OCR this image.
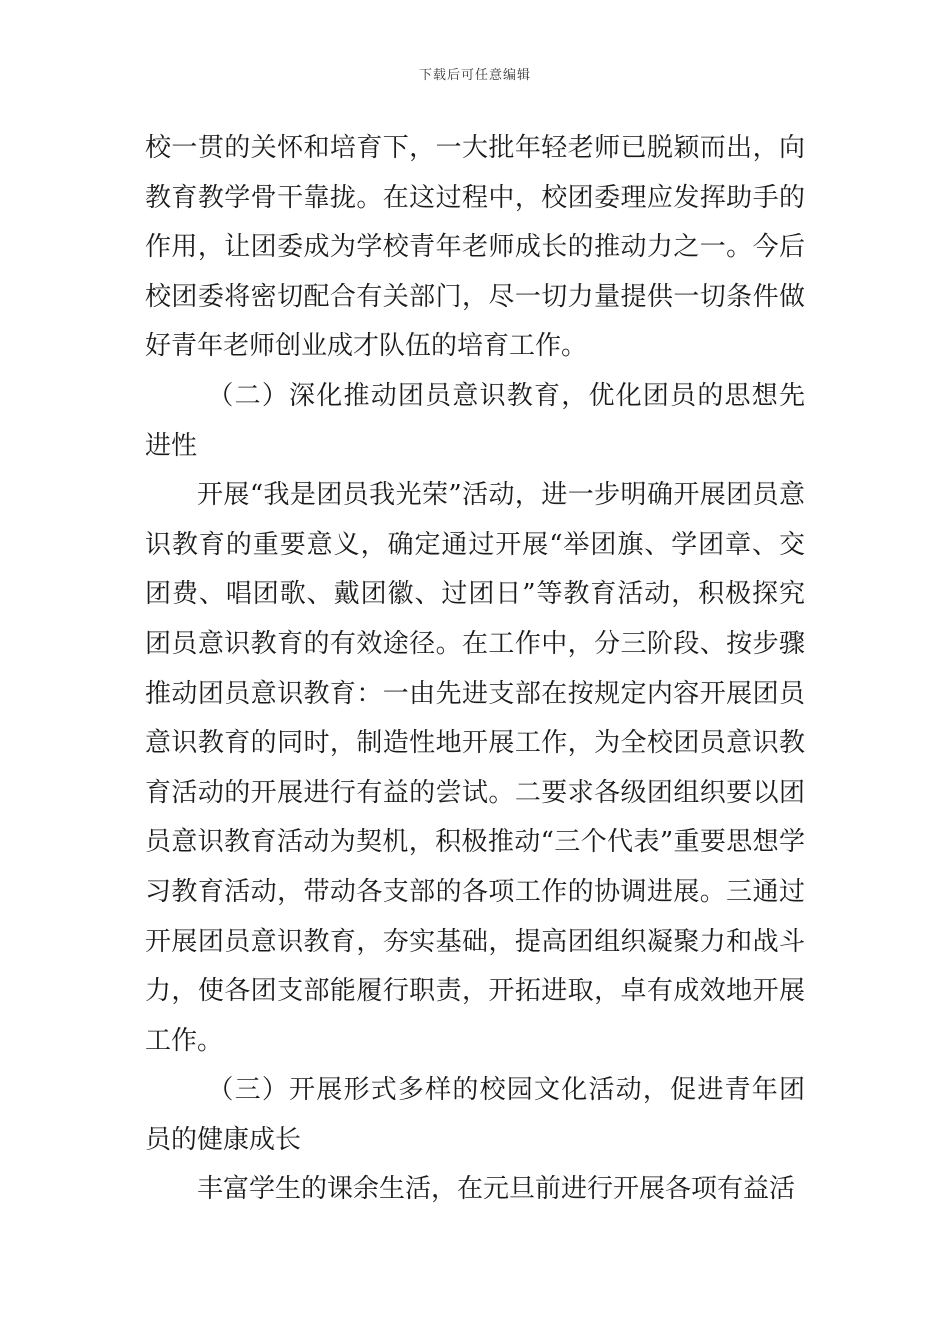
下载后可任意编辑

校一贯的关怀和培育下，一大批年轻老师已脱颖而出，向教育教学骨干靠拢。在这过程中，校团委理应发挥助手的作用，让团委成为学校青年老师成长的推动力之一。今后校团委将密切配合有关部门，尽一切力量提供一切条件做好青年老师创业成才队伍的培育工作。

（二）深化推动团员意识教育，优化团员的思想先进性

开展“我是团员我光荣”活动，进一步明确开展团员意识教育的重要意义，确定通过开展“举团旗、学团章、交团费、唱团歌、戴团徽、过团日”等教育活动，积极探究团员意识教育的有效途径。在工作中，分三阶段、按步骤推动团员意识教育：一由先进支部在按规定内容开展团员意识教育的同时，制造性地开展工作，为全校团员意识教育活动的开展进行有益的尝试。二要求各级团组织要以团员意识教育活动为契机，积极推动“三个代表”重要思想学习教育活动，带动各支部的各项工作的协调进展。三通过开展团员意识教育，夯实基础，提高团组织凝聚力和战斗力，使各团支部能履行职责，开拓进取，卓有成效地开展工作。

（三）开展形式多样的校园文化活动，促进青年团员的健康成长

丰富学生的课余生活，在元旦前进行开展各项有益活
